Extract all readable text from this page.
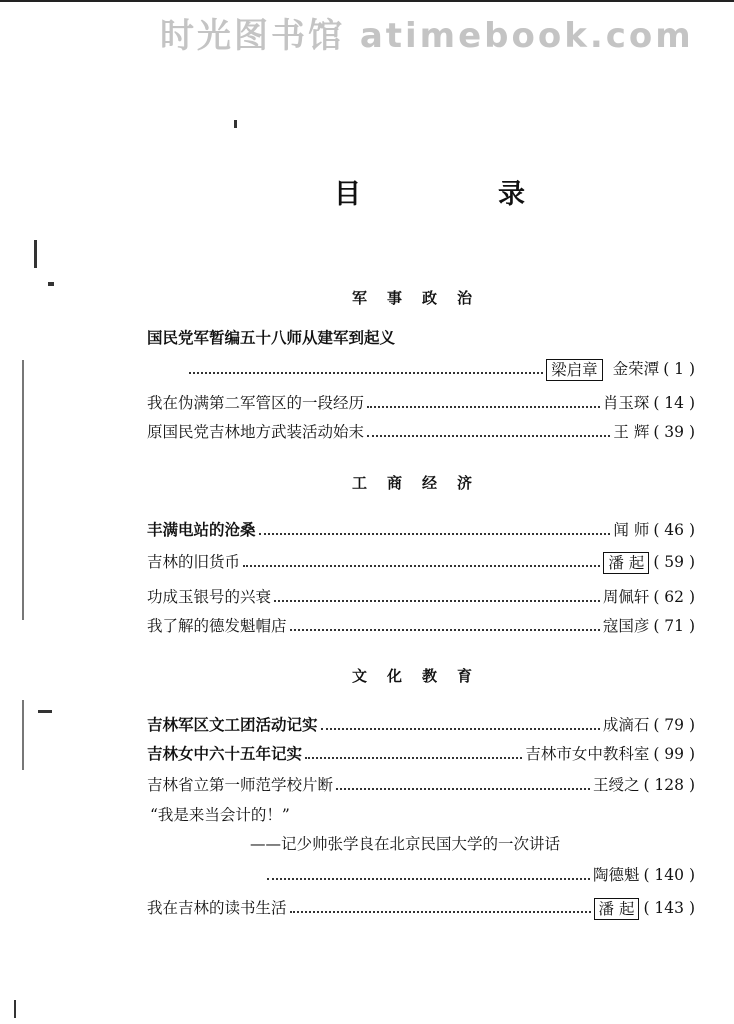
时光图书馆 atimebook.com
目	录
军事政治
国民党军暂编五十八师从建军到起义
梁启章 金荣潭 ( 1 )
我在伪满第二军管区的一段经历	肖玉琛 ( 14 )
原国民党吉林地方武装活动始末	王 辉 ( 39 )
工商经济
丰满电站的沧桑	闻 师 ( 46 )
吉林的旧货币	潘 起 ( 59 )
功成玉银号的兴衰	周佩轩 ( 62 )
我了解的德发魁帽店	寇国彦 ( 71 )
文化教育
吉林军区文工团活动记实	成滴石 ( 79 )
吉林女中六十五年记实	吉林市女中教科室 ( 99 )
吉林省立第一师范学校片断	王绶之 ( 128 )
“我是来当会计的！”
——记少帅张学良在北京民国大学的一次讲话
陶德魁 ( 140 )
我在吉林的读书生活	潘 起 ( 143 )
